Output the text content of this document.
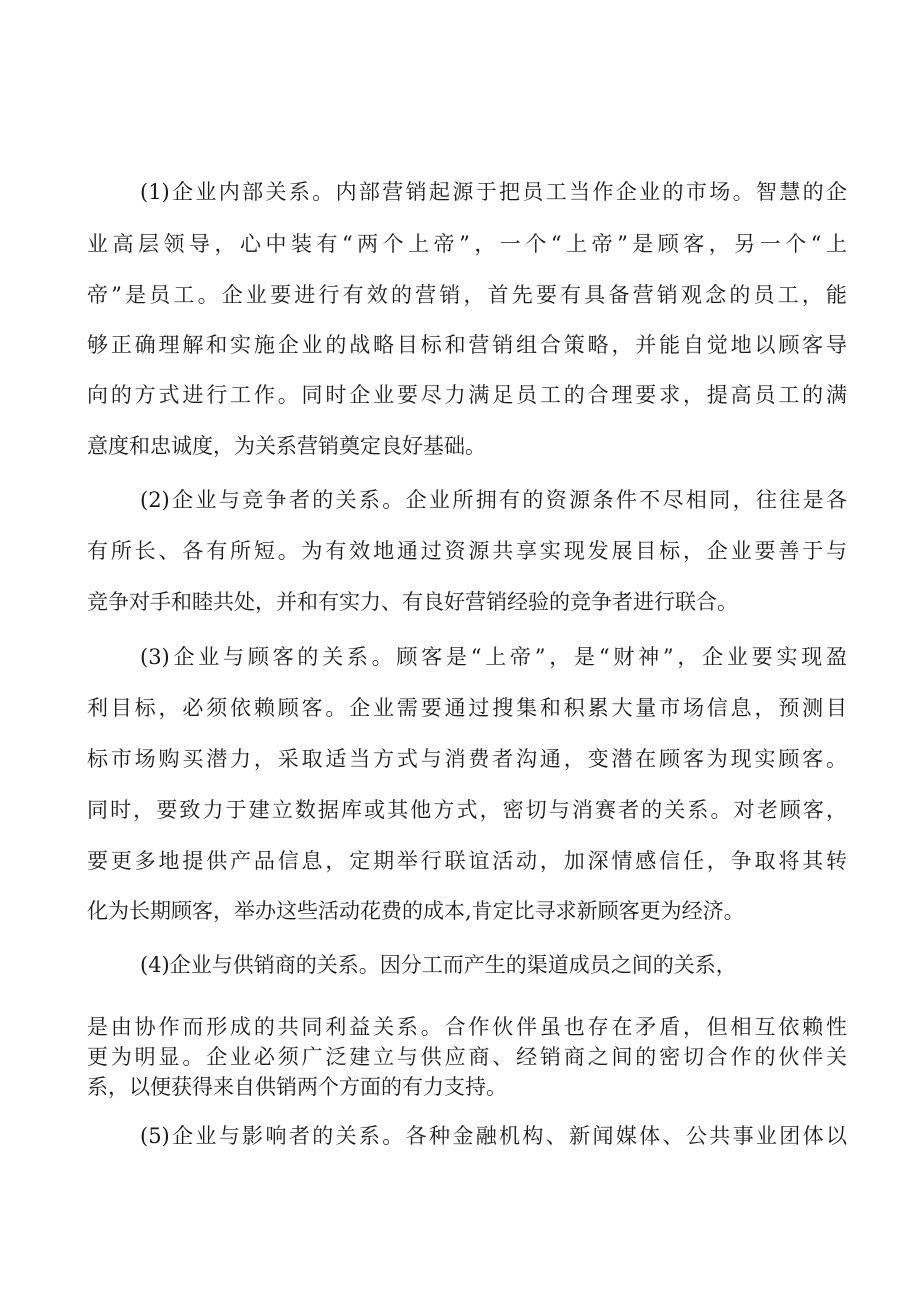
(1)企业内部关系。内部营销起源于把员工当作企业的市场。智慧的企
业高层领导，心中装有“两个上帝”，一个“上帝”是顾客，另一个“上
帝”是员工。企业要进行有效的营销，首先要有具备营销观念的员工，能
够正确理解和实施企业的战略目标和营销组合策略，并能自觉地以顾客导
向的方式进行工作。同时企业要尽力满足员工的合理要求，提高员工的满
意度和忠诚度，为关系营销奠定良好基础。
(2)企业与竞争者的关系。企业所拥有的资源条件不尽相同，往往是各
有所长、各有所短。为有效地通过资源共享实现发展目标，企业要善于与
竞争对手和睦共处，并和有实力、有良好营销经验的竞争者进行联合。
(3)企业与顾客的关系。顾客是“上帝”，是“财神”，企业要实现盈
利目标，必须依赖顾客。企业需要通过搜集和积累大量市场信息，预测目
标市场购买潜力，采取适当方式与消费者沟通，变潜在顾客为现实顾客。
同时，要致力于建立数据库或其他方式，密切与消赛者的关系。对老顾客，
要更多地提供产品信息，定期举行联谊活动，加深情感信任，争取将其转
化为长期顾客，举办这些活动花费的成本,肯定比寻求新顾客更为经济。
(4)企业与供销商的关系。因分工而产生的渠道成员之间的关系，
是由协作而形成的共同利益关系。合作伙伴虽也存在矛盾，但相互依赖性
更为明显。企业必须广泛建立与供应商、经销商之间的密切合作的伙伴关
系，以便获得来自供销两个方面的有力支持。
(5)企业与影响者的关系。各种金融机构、新闻媒体、公共事业团体以
